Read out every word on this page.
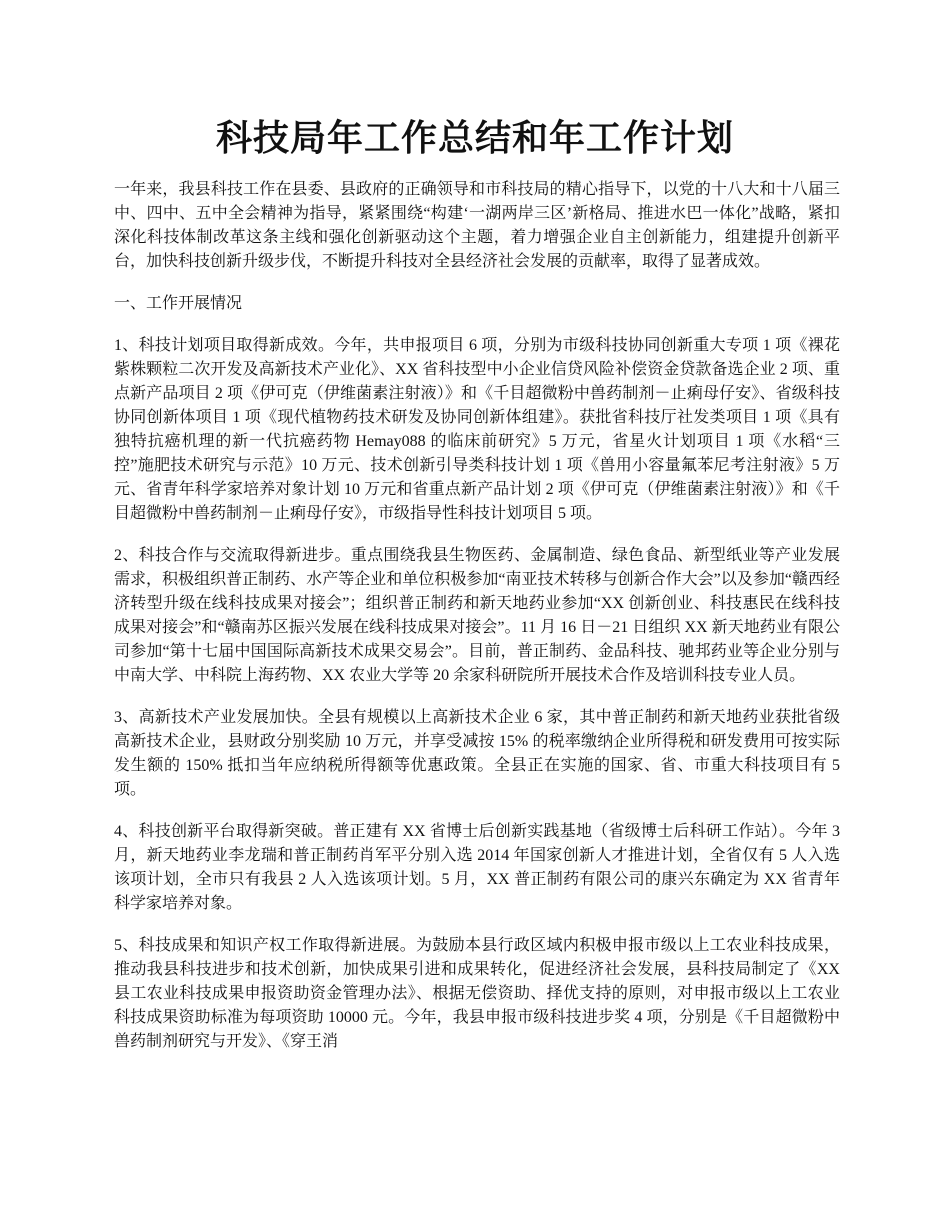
科技局年工作总结和年工作计划

一年来，我县科技工作在县委、县政府的正确领导和市科技局的精心指导下，以党的十八大和十八届三中、四中、五中全会精神为指导，紧紧围绕“构建‘一湖两岸三区’新格局、推进水巴一体化”战略，紧扣深化科技体制改革这条主线和强化创新驱动这个主题，着力增强企业自主创新能力，组建提升创新平台，加快科技创新升级步伐，不断提升科技对全县经济社会发展的贡献率，取得了显著成效。

一、工作开展情况

1、科技计划项目取得新成效。今年，共申报项目 6 项，分别为市级科技协同创新重大专项 1 项《裸花紫株颗粒二次开发及高新技术产业化》、XX 省科技型中小企业信贷风险补偿资金贷款备选企业 2 项、重点新产品项目 2 项《伊可克（伊维菌素注射液）》和《千目超微粉中兽药制剂－止痢母仔安》、省级科技协同创新体项目 1 项《现代植物药技术研发及协同创新体组建》。获批省科技厅社发类项目 1 项《具有独特抗癌机理的新一代抗癌药物 Hemay088 的临床前研究》5 万元，省星火计划项目 1 项《水稻“三控”施肥技术研究与示范》10 万元、技术创新引导类科技计划 1 项《兽用小容量氟苯尼考注射液》5 万元、省青年科学家培养对象计划 10 万元和省重点新产品计划 2 项《伊可克（伊维菌素注射液）》和《千目超微粉中兽药制剂－止痢母仔安》，市级指导性科技计划项目 5 项。

2、科技合作与交流取得新进步。重点围绕我县生物医药、金属制造、绿色食品、新型纸业等产业发展需求，积极组织普正制药、水产等企业和单位积极参加“南亚技术转移与创新合作大会”以及参加“赣西经济转型升级在线科技成果对接会”；组织普正制药和新天地药业参加“XX 创新创业、科技惠民在线科技成果对接会”和“赣南苏区振兴发展在线科技成果对接会”。11 月 16 日－21 日组织 XX 新天地药业有限公司参加“第十七届中国国际高新技术成果交易会”。目前，普正制药、金品科技、驰邦药业等企业分别与中南大学、中科院上海药物、XX 农业大学等 20 余家科研院所开展技术合作及培训科技专业人员。

3、高新技术产业发展加快。全县有规模以上高新技术企业 6 家，其中普正制药和新天地药业获批省级高新技术企业，县财政分别奖励 10 万元，并享受减按 15% 的税率缴纳企业所得税和研发费用可按实际发生额的 150% 抵扣当年应纳税所得额等优惠政策。全县正在实施的国家、省、市重大科技项目有 5 项。

4、科技创新平台取得新突破。普正建有 XX 省博士后创新实践基地（省级博士后科研工作站）。今年 3 月，新天地药业李龙瑞和普正制药肖军平分别入选 2014 年国家创新人才推进计划，全省仅有 5 人入选该项计划，全市只有我县 2 人入选该项计划。5 月，XX 普正制药有限公司的康兴东确定为 XX 省青年科学家培养对象。

5、科技成果和知识产权工作取得新进展。为鼓励本县行政区域内积极申报市级以上工农业科技成果，推动我县科技进步和技术创新，加快成果引进和成果转化，促进经济社会发展，县科技局制定了《XX 县工农业科技成果申报资助资金管理办法》、根据无偿资助、择优支持的原则，对申报市级以上工农业科技成果资助标准为每项资助 10000 元。今年，我县申报市级科技进步奖 4 项，分别是《千目超微粉中兽药制剂研究与开发》、《穿王消
